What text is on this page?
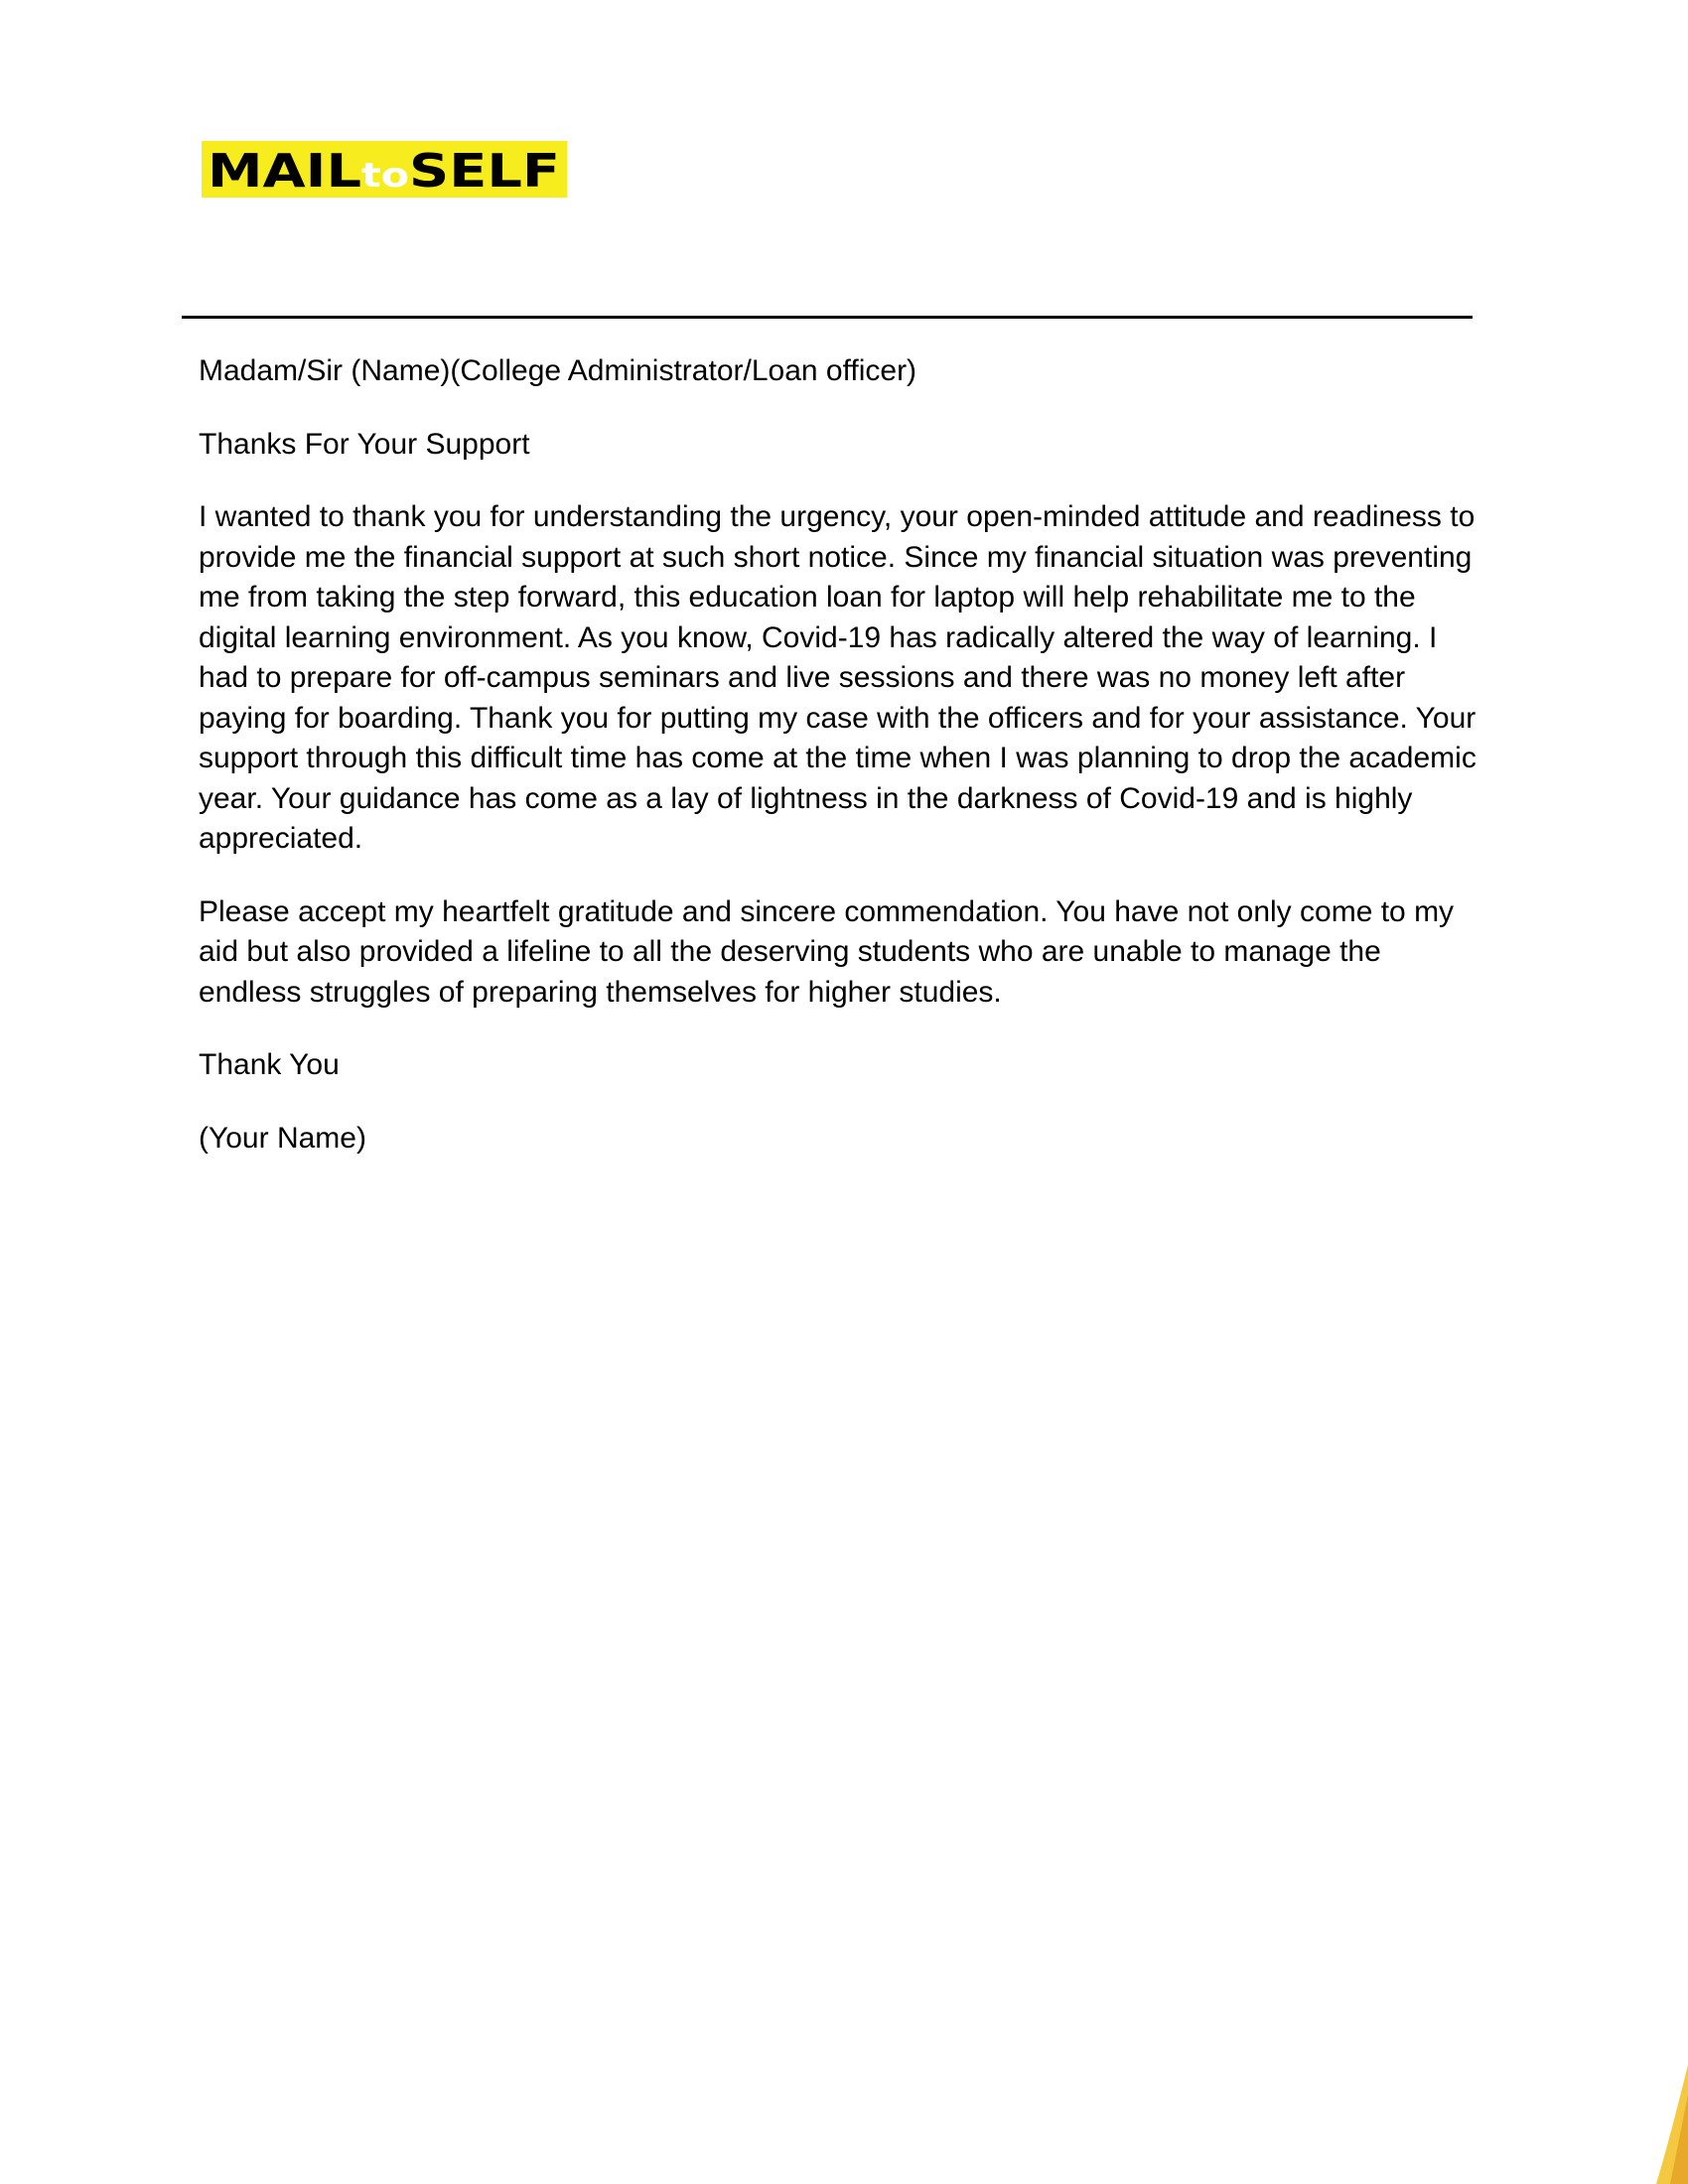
MAIL to SELF

Madam/Sir (Name)(College Administrator/Loan officer)

Thanks For Your Support

I wanted to thank you for understanding the urgency, your open-minded attitude and readiness to provide me the financial support at such short notice. Since my financial situation was preventing me from taking the step forward, this education loan for laptop will help rehabilitate me to the digital learning environment. As you know, Covid-19 has radically altered the way of learning. I had to prepare for off-campus seminars and live sessions and there was no money left after paying for boarding. Thank you for putting my case with the officers and for your assistance. Your support through this difficult time has come at the time when I was planning to drop the academic year. Your guidance has come as a lay of lightness in the darkness of Covid-19 and is highly appreciated.

Please accept my heartfelt gratitude and sincere commendation. You have not only come to my aid but also provided a lifeline to all the deserving students who are unable to manage the endless struggles of preparing themselves for higher studies.

Thank You

(Your Name)
